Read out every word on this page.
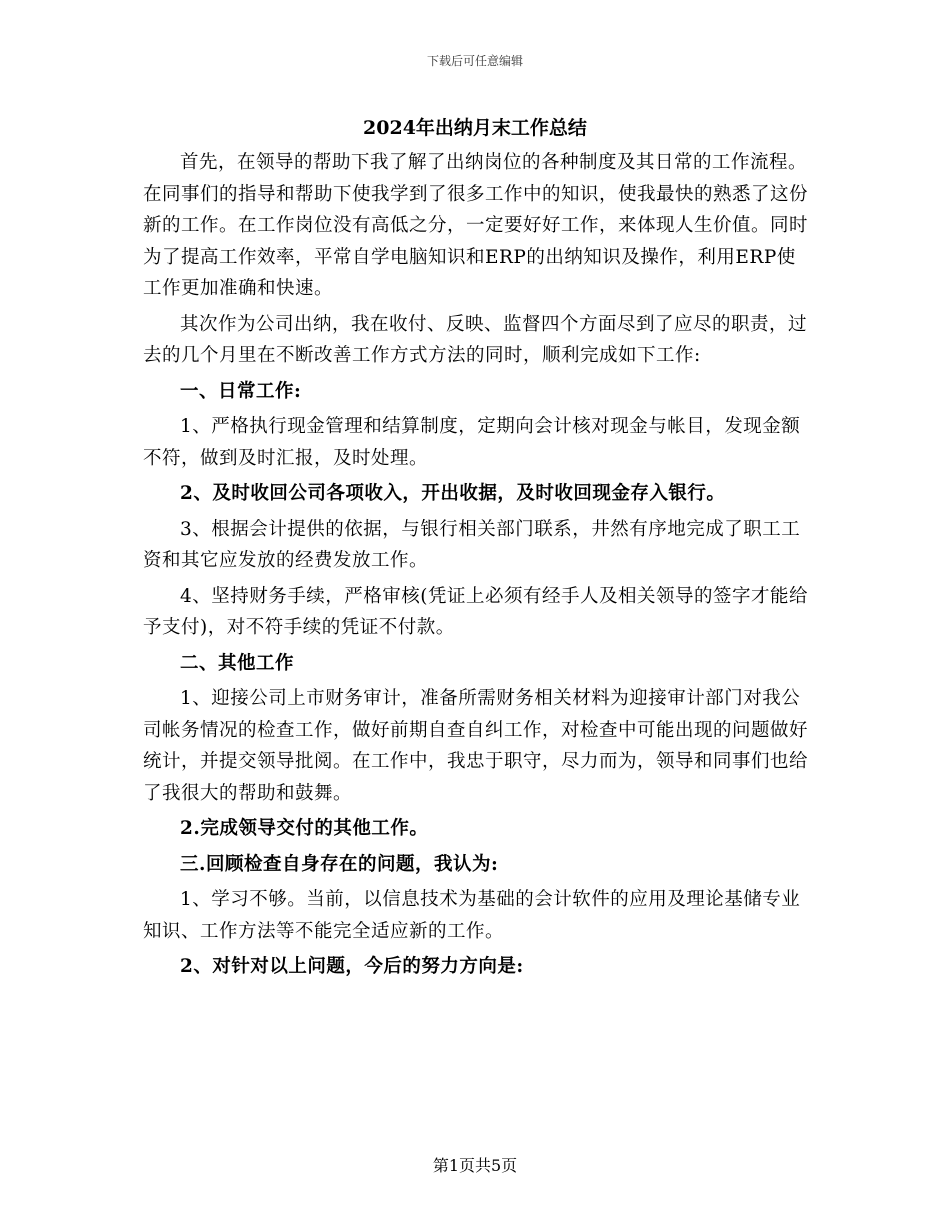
下载后可任意编辑
2024年出纳月末工作总结

首先，在领导的帮助下我了解了出纳岗位的各种制度及其日常的工作流程。在同事们的指导和帮助下使我学到了很多工作中的知识，使我最快的熟悉了这份新的工作。在工作岗位没有高低之分，一定要好好工作，来体现人生价值。同时为了提高工作效率，平常自学电脑知识和ERP的出纳知识及操作，利用ERP使工作更加准确和快速。

其次作为公司出纳，我在收付、反映、监督四个方面尽到了应尽的职责，过去的几个月里在不断改善工作方式方法的同时，顺利完成如下工作:

一、日常工作:

1、严格执行现金管理和结算制度，定期向会计核对现金与帐目，发现金额不符，做到及时汇报，及时处理。

2、及时收回公司各项收入，开出收据，及时收回现金存入银行。

3、根据会计提供的依据，与银行相关部门联系，井然有序地完成了职工工资和其它应发放的经费发放工作。

4、坚持财务手续，严格审核(凭证上必须有经手人及相关领导的签字才能给予支付)，对不符手续的凭证不付款。

二、其他工作

1、迎接公司上市财务审计，准备所需财务相关材料为迎接审计部门对我公司帐务情况的检查工作，做好前期自查自纠工作，对检查中可能出现的问题做好统计，并提交领导批阅。在工作中，我忠于职守，尽力而为，领导和同事们也给了我很大的帮助和鼓舞。

2.完成领导交付的其他工作。

三.回顾检查自身存在的问题，我认为:

1、学习不够。当前，以信息技术为基础的会计软件的应用及理论基储专业知识、工作方法等不能完全适应新的工作。

2、对针对以上问题，今后的努力方向是:

第1页共5页
